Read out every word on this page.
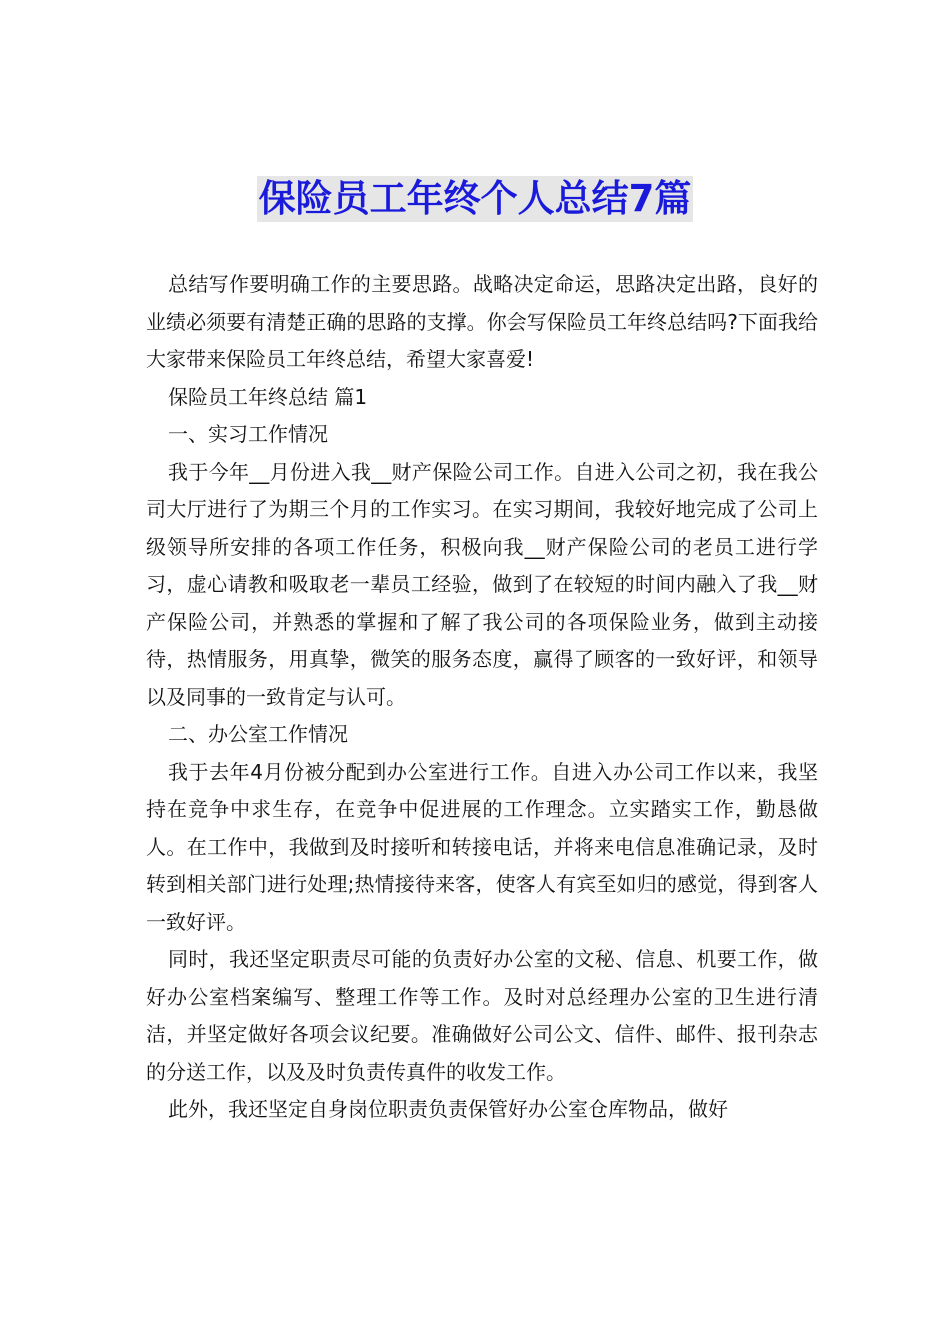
保险员工年终个人总结7篇

总结写作要明确工作的主要思路。战略决定命运，思路决定出路，良好的业绩必须要有清楚正确的思路的支撑。你会写保险员工年终总结吗?下面我给大家带来保险员工年终总结，希望大家喜爱!

保险员工年终总结 篇1

一、实习工作情况

我于今年__月份进入我__财产保险公司工作。自进入公司之初，我在我公司大厅进行了为期三个月的工作实习。在实习期间，我较好地完成了公司上级领导所安排的各项工作任务，积极向我__财产保险公司的老员工进行学习，虚心请教和吸取老一辈员工经验，做到了在较短的时间内融入了我__财产保险公司，并熟悉的掌握和了解了我公司的各项保险业务，做到主动接待，热情服务，用真挚，微笑的服务态度，赢得了顾客的一致好评，和领导以及同事的一致肯定与认可。

二、办公室工作情况

我于去年4月份被分配到办公室进行工作。自进入办公司工作以来，我坚持在竞争中求生存，在竞争中促进展的工作理念。立实踏实工作，勤恳做人。在工作中，我做到及时接听和转接电话，并将来电信息准确记录，及时转到相关部门进行处理;热情接待来客，使客人有宾至如归的感觉，得到客人一致好评。

同时，我还坚定职责尽可能的负责好办公室的文秘、信息、机要工作，做好办公室档案编写、整理工作等工作。及时对总经理办公室的卫生进行清洁，并坚定做好各项会议纪要。准确做好公司公文、信件、邮件、报刊杂志的分送工作，以及及时负责传真件的收发工作。

此外，我还坚定自身岗位职责负责保管好办公室仓库物品，做好
